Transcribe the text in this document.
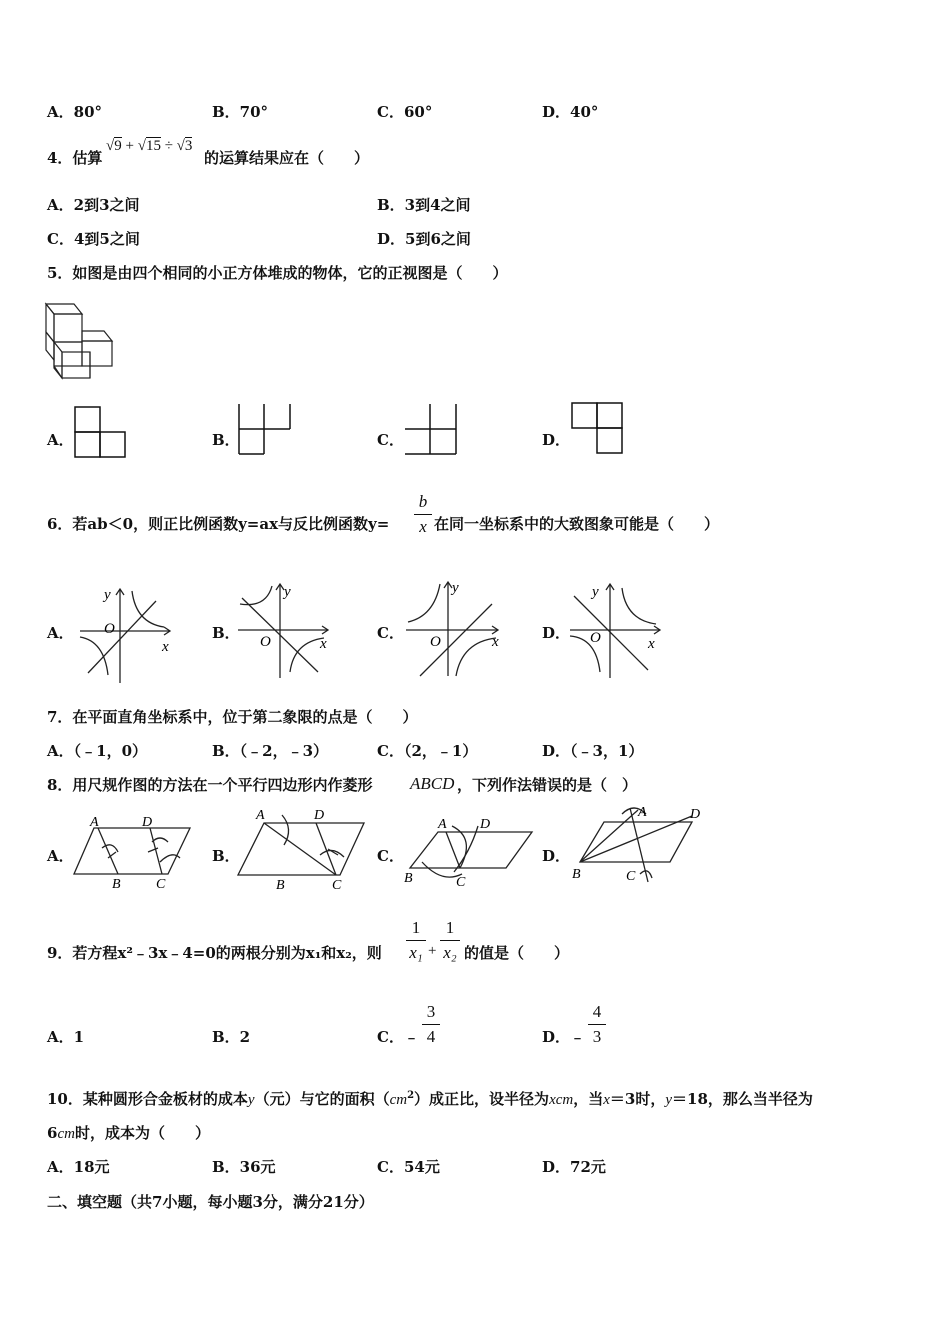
A．80°	B．70°	C．60°	D．40°
4．估算
√9 + √15 ÷ √3
的运算结果应在（　　）
A．2到3之间	B．3到4之间
C．4到5之间	D．5到6之间
5．如图是由四个相同的小正方体堆成的物体，它的正视图是（　　）
A．	B．	C．	D．
6．若ab＜0，则正比例函数y=ax与反比例函数y=
b
x 在同一坐标系中的大致图象可能是（　　）
A．
y
x
O	B．
y
x
O	C．
y
x
O	D．
y
x
O
7．在平面直角坐标系中，位于第二象限的点是（　　）
A．（﹣1，0）	B．（﹣2，﹣3）	C．（2，﹣1）	D．（﹣3，1）
8．用尺规作图的方法在一个平行四边形内作菱形 ABCD ，下列作法错误的是（　）
A．
A	D
B	C
B．
A	D
B	C
C．
A D
B	C
D．
A	D
B	C
9．若方程x²﹣3x﹣4=0的两根分别为x₁和x₂，则
1
x₁ +
1
x₂ 的值是（　　）
A．1	B．2	C．﹣
3
4	D．﹣
4
3
10．某种圆形合金板材的成本y（元）与它的面积$(cm^2)$成正比，设半径为xcm，当x＝3时，y＝18，那么当半径为
6cm时，成本为（　　）
A．18元	B．36元	C．54元	D．72元
二、填空题（共7小题，每小题3分，满分21分）
